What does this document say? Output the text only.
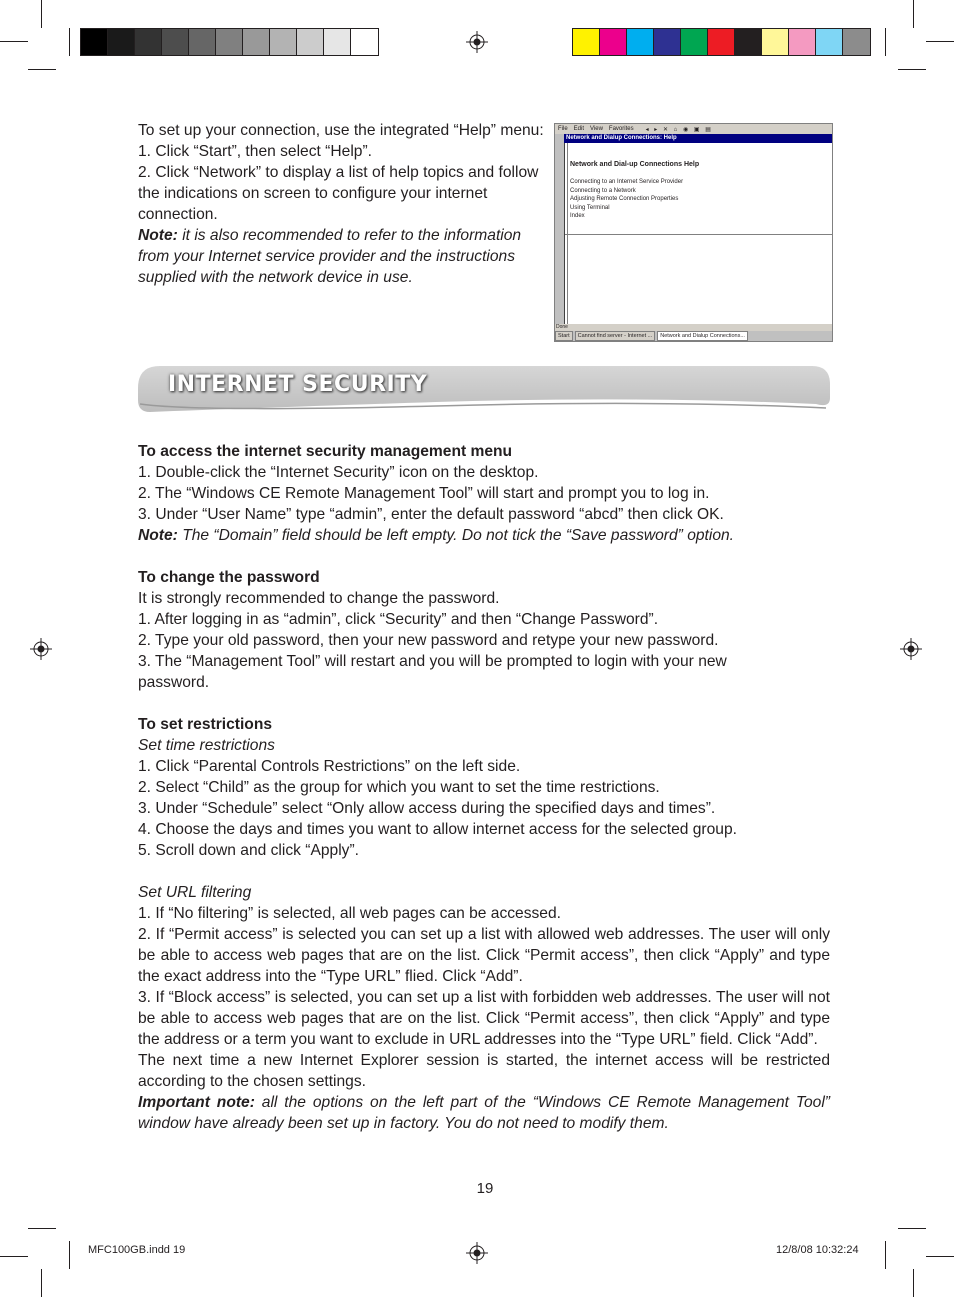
To set up your connection, use the integrated “Help” menu:

1. Click “Start”, then select “Help”.

2. Click “Network” to display a list of help topics and follow the indications on screen to configure your internet connection.

Note: it is also recommended to refer to the information from your Internet service provider and the instructions supplied with the network device in use.

File Edit View Favorites ◂ ▸ ✕ ⌂ ◉ ▣ ▤
Network and Dialup Connections: Help
Network and Dial-up Connections Help
Connecting to an Internet Service Provider
Connecting to a Network
Adjusting Remote Connection Properties
Using Terminal
Index
Done
Start	Cannot find server - Internet ...	Network and Dialup Connections...
INTERNET SECURITY

To access the internet security management menu

1. Double-click the “Internet Security” icon on the desktop.

2. The “Windows CE Remote Management Tool” will start and prompt you to log in.

3. Under “User Name” type “admin”, enter the default password “abcd” then click OK.

Note: The “Domain” field should be left empty. Do not tick the “Save password” option.

To change the password

It is strongly recommended to change the password.

1. After logging in as “admin”, click “Security” and then “Change Password”.

2. Type your old password, then your new password and retype your new password.

3. The “Management Tool” will restart and you will be prompted to login with your new password.

To set restrictions

Set time restrictions

1. Click “Parental Controls Restrictions” on the left side.

2. Select “Child” as the group for which you want to set the time restrictions.

3. Under “Schedule” select “Only allow access during the specified days and times”.

4. Choose the days and times you want to allow internet access for the selected group.

5. Scroll down and click “Apply”.

Set URL filtering

1. If “No filtering” is selected, all web pages can be accessed.

2. If “Permit access” is selected you can set up a list with allowed web addresses. The user will only be able to access web pages that are on the list. Click “Permit access”, then click “Apply” and type the exact address into the “Type URL” flied. Click “Add”.

3. If “Block access” is selected, you can set up a list with forbidden web addresses. The user will not be able to access web pages that are on the list. Click “Permit access”, then click “Apply” and type the address or a term you want to exclude in URL addresses into the “Type URL” field. Click “Add”.

The next time a new Internet Explorer session is started, the internet access will be restricted according to the chosen settings.

Important note: all the options on the left part of the “Windows CE Remote Management Tool” window have already been set up in factory. You do not need to modify them.

19
MFC100GB.indd 19	12/8/08 10:32:24
